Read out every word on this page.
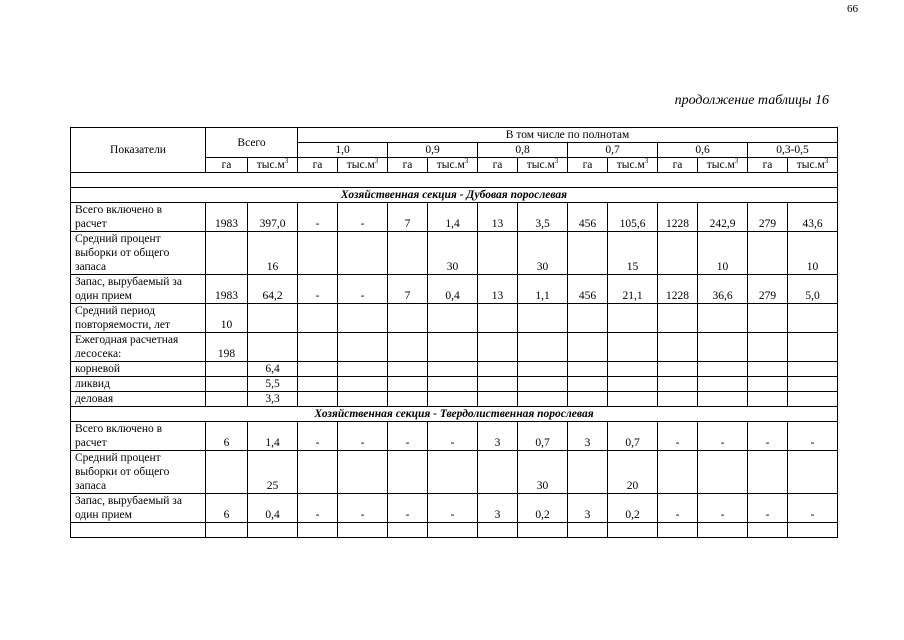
66
продолжение таблицы 16
Показатели	Всего		В том числе по полнотам											
			1,0		0,9		0,8		0,7		0,6		0,3-0,5	
	га	$тыс.м^3$	га	$тыс.м^3$	га	$тыс.м^3$	га	$тыс.м^3$	га	$тыс.м^3$	га	$тыс.м^3$	га	$тыс.м^3$

Хозяйственная секция - Дубовая порослевая														

Всего включено в
расчет	1983	397,0	-	-	7	1,4	13	3,5	456	105,6	1228	242,9	279	43,6

Средний процент
выборки от общего
запаса		16				30		30		15		10		10

Запас, вырубаемый за
один прием	1983	64,2	-	-	7	0,4	13	1,1	456	21,1	1228	36,6	279	5,0

Средний период
повторяемости, лет	10													

Ежегодная расчетная
лесосека:	198													

корневой		6,4												

ликвид		5,5												

деловая		3,3												
Хозяйственная секция - Твердолиственная порослевая														

Всего включено в
расчет	6	1,4	-	-	-	-	3	0,7	3	0,7	-	-	-	-

Средний процент
выборки от общего
запаса		25						30		20				

Запас, вырубаемый за
один прием	6	0,4	-	-	-	-	3	0,2	3	0,2	-	-	-	-
